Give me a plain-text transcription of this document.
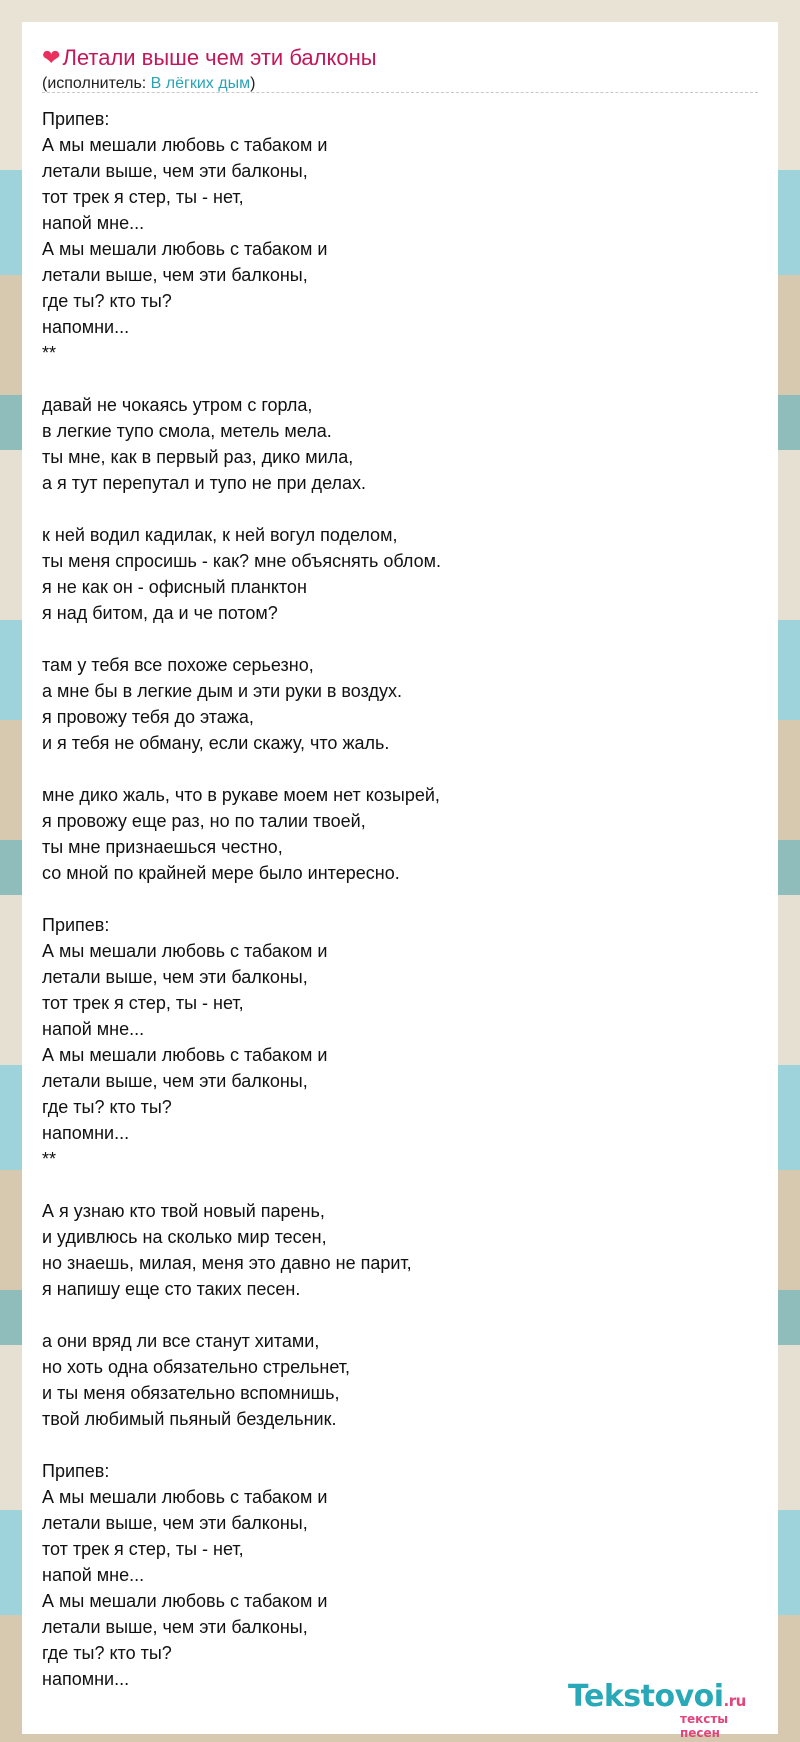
❤Летали выше чем эти балконы
(исполнитель: В лёгких дым)
Припев:
А мы мешали любовь с табаком и
летали выше, чем эти балконы,
тот трек я стер, ты - нет,
напой мне...
А мы мешали любовь с табаком и
летали выше, чем эти балконы,
где ты? кто ты?
напомни...
**
давай не чокаясь утром с горла,
в легкие тупо смола, метель мела.
ты мне, как в первый раз, дико мила,
а я тут перепутал и тупо не при делах.
к ней водил кадилак, к ней вогул поделом,
ты меня спросишь - как? мне объяснять облом.
я не как он - офисный планктон
я над битом, да и че потом?
там у тебя все похоже серьезно,
а мне бы в легкие дым и эти руки в воздух.
я провожу тебя до этажа,
и я тебя не обману, если скажу, что жаль.
мне дико жаль, что в рукаве моем нет козырей,
я провожу еще раз, но по талии твоей,
ты мне признаешься честно,
со мной по крайней мере было интересно.
Припев:
А мы мешали любовь с табаком и
летали выше, чем эти балконы,
тот трек я стер, ты - нет,
напой мне...
А мы мешали любовь с табаком и
летали выше, чем эти балконы,
где ты? кто ты?
напомни...
**
А я узнаю кто твой новый парень,
и удивлюсь на сколько мир тесен,
но знаешь, милая, меня это давно не парит,
я напишу еще сто таких песен.
а они вряд ли все станут хитами,
но хоть одна обязательно стрельнет,
и ты меня обязательно вспомнишь,
твой любимый пьяный бездельник.
Припев:
А мы мешали любовь с табаком и
летали выше, чем эти балконы,
тот трек я стер, ты - нет,
напой мне...
А мы мешали любовь с табаком и
летали выше, чем эти балконы,
где ты? кто ты?
напомни...	Tekstovoi.ru
тексты песен
